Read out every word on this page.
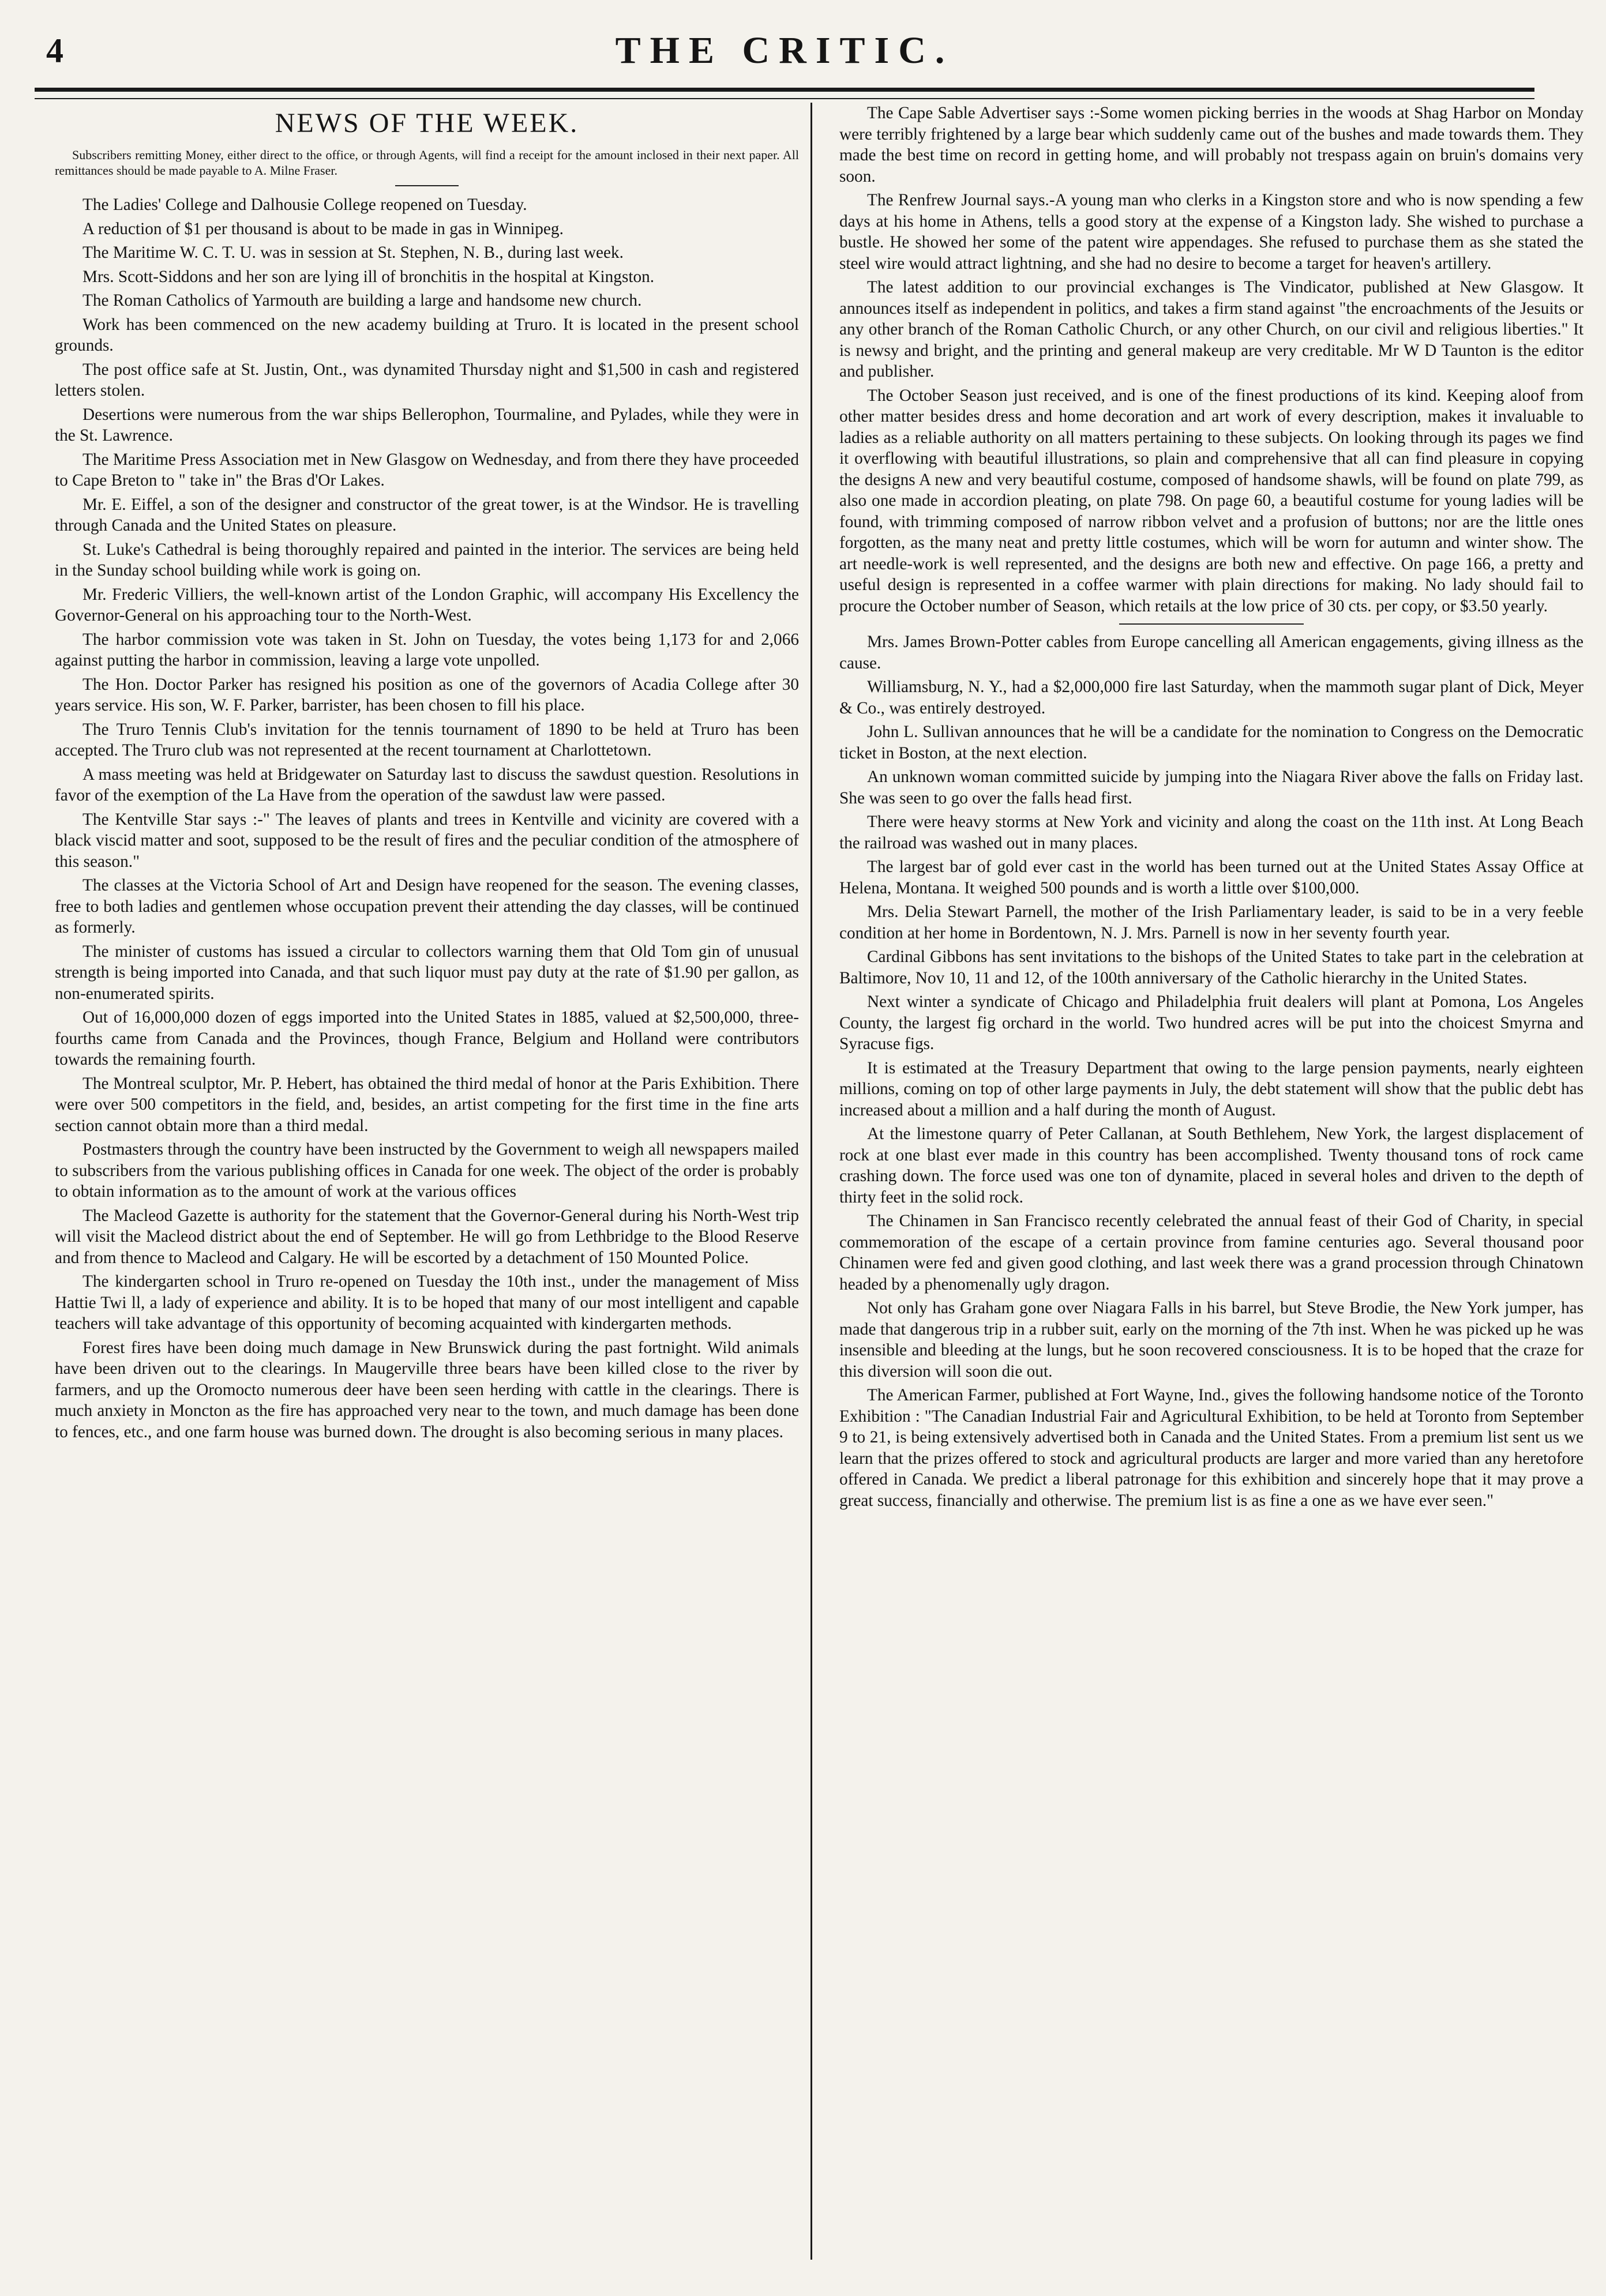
4	THE CRITIC.
NEWS OF THE WEEK.

Subscribers remitting Money, either direct to the office, or through Agents, will find a receipt for the amount inclosed in their next paper. All remittances should be made payable to A. Milne Fraser.

The Ladies' College and Dalhousie College reopened on Tuesday.

A reduction of $1 per thousand is about to be made in gas in Winnipeg.

The Maritime W. C. T. U. was in session at St. Stephen, N. B., during last week.

Mrs. Scott-Siddons and her son are lying ill of bronchitis in the hospital at Kingston.

The Roman Catholics of Yarmouth are building a large and handsome new church.

Work has been commenced on the new academy building at Truro. It is located in the present school grounds.

The post office safe at St. Justin, Ont., was dynamited Thursday night and $1,500 in cash and registered letters stolen.

Desertions were numerous from the war ships Bellerophon, Tourmaline, and Pylades, while they were in the St. Lawrence.

The Maritime Press Association met in New Glasgow on Wednesday, and from there they have proceeded to Cape Breton to " take in" the Bras d'Or Lakes.

Mr. E. Eiffel, a son of the designer and constructor of the great tower, is at the Windsor. He is travelling through Canada and the United States on pleasure.

St. Luke's Cathedral is being thoroughly repaired and painted in the interior. The services are being held in the Sunday school building while work is going on.

Mr. Frederic Villiers, the well-known artist of the London Graphic, will accompany His Excellency the Governor-General on his approaching tour to the North-West.

The harbor commission vote was taken in St. John on Tuesday, the votes being 1,173 for and 2,066 against putting the harbor in commission, leaving a large vote unpolled.

The Hon. Doctor Parker has resigned his position as one of the governors of Acadia College after 30 years service. His son, W. F. Parker, barrister, has been chosen to fill his place.

The Truro Tennis Club's invitation for the tennis tournament of 1890 to be held at Truro has been accepted. The Truro club was not represented at the recent tournament at Charlottetown.

A mass meeting was held at Bridgewater on Saturday last to discuss the sawdust question. Resolutions in favor of the exemption of the La Have from the operation of the sawdust law were passed.

The Kentville Star says :-" The leaves of plants and trees in Kentville and vicinity are covered with a black viscid matter and soot, supposed to be the result of fires and the peculiar condition of the atmosphere of this season."

The classes at the Victoria School of Art and Design have reopened for the season. The evening classes, free to both ladies and gentlemen whose occupation prevent their attending the day classes, will be continued as formerly.

The minister of customs has issued a circular to collectors warning them that Old Tom gin of unusual strength is being imported into Canada, and that such liquor must pay duty at the rate of $1.90 per gallon, as non-enumerated spirits.

Out of 16,000,000 dozen of eggs imported into the United States in 1885, valued at $2,500,000, three-fourths came from Canada and the Provinces, though France, Belgium and Holland were contributors towards the remaining fourth.

The Montreal sculptor, Mr. P. Hebert, has obtained the third medal of honor at the Paris Exhibition. There were over 500 competitors in the field, and, besides, an artist competing for the first time in the fine arts section cannot obtain more than a third medal.

Postmasters through the country have been instructed by the Government to weigh all newspapers mailed to subscribers from the various publishing offices in Canada for one week. The object of the order is probably to obtain information as to the amount of work at the various offices

The Macleod Gazette is authority for the statement that the Governor-General during his North-West trip will visit the Macleod district about the end of September. He will go from Lethbridge to the Blood Reserve and from thence to Macleod and Calgary. He will be escorted by a detachment of 150 Mounted Police.

The kindergarten school in Truro re-opened on Tuesday the 10th inst., under the management of Miss Hattie Twi ll, a lady of experience and ability. It is to be hoped that many of our most intelligent and capable teachers will take advantage of this opportunity of becoming acquainted with kindergarten methods.

Forest fires have been doing much damage in New Brunswick during the past fortnight. Wild animals have been driven out to the clearings. In Maugerville three bears have been killed close to the river by farmers, and up the Oromocto numerous deer have been seen herding with cattle in the clearings. There is much anxiety in Moncton as the fire has approached very near to the town, and much damage has been done to fences, etc., and one farm house was burned down. The drought is also becoming serious in many places.

The Cape Sable Advertiser says :-Some women picking berries in the woods at Shag Harbor on Monday were terribly frightened by a large bear which suddenly came out of the bushes and made towards them. They made the best time on record in getting home, and will probably not trespass again on bruin's domains very soon.

The Renfrew Journal says.-A young man who clerks in a Kingston store and who is now spending a few days at his home in Athens, tells a good story at the expense of a Kingston lady. She wished to purchase a bustle. He showed her some of the patent wire appendages. She refused to purchase them as she stated the steel wire would attract lightning, and she had no desire to become a target for heaven's artillery.

The latest addition to our provincial exchanges is The Vindicator, published at New Glasgow. It announces itself as independent in politics, and takes a firm stand against "the encroachments of the Jesuits or any other branch of the Roman Catholic Church, or any other Church, on our civil and religious liberties." It is newsy and bright, and the printing and general makeup are very creditable. Mr W D Taunton is the editor and publisher.

The October Season just received, and is one of the finest productions of its kind. Keeping aloof from other matter besides dress and home decoration and art work of every description, makes it invaluable to ladies as a reliable authority on all matters pertaining to these subjects. On looking through its pages we find it overflowing with beautiful illustrations, so plain and comprehensive that all can find pleasure in copying the designs A new and very beautiful costume, composed of handsome shawls, will be found on plate 799, as also one made in accordion pleating, on plate 798. On page 60, a beautiful costume for young ladies will be found, with trimming composed of narrow ribbon velvet and a profusion of buttons; nor are the little ones forgotten, as the many neat and pretty little costumes, which will be worn for autumn and winter show. The art needle-work is well represented, and the designs are both new and effective. On page 166, a pretty and useful design is represented in a coffee warmer with plain directions for making. No lady should fail to procure the October number of Season, which retails at the low price of 30 cts. per copy, or $3.50 yearly.

Mrs. James Brown-Potter cables from Europe cancelling all American engagements, giving illness as the cause.

Williamsburg, N. Y., had a $2,000,000 fire last Saturday, when the mammoth sugar plant of Dick, Meyer & Co., was entirely destroyed.

John L. Sullivan announces that he will be a candidate for the nomination to Congress on the Democratic ticket in Boston, at the next election.

An unknown woman committed suicide by jumping into the Niagara River above the falls on Friday last. She was seen to go over the falls head first.

There were heavy storms at New York and vicinity and along the coast on the 11th inst. At Long Beach the railroad was washed out in many places.

The largest bar of gold ever cast in the world has been turned out at the United States Assay Office at Helena, Montana. It weighed 500 pounds and is worth a little over $100,000.

Mrs. Delia Stewart Parnell, the mother of the Irish Parliamentary leader, is said to be in a very feeble condition at her home in Bordentown, N. J. Mrs. Parnell is now in her seventy fourth year.

Cardinal Gibbons has sent invitations to the bishops of the United States to take part in the celebration at Baltimore, Nov 10, 11 and 12, of the 100th anniversary of the Catholic hierarchy in the United States.

Next winter a syndicate of Chicago and Philadelphia fruit dealers will plant at Pomona, Los Angeles County, the largest fig orchard in the world. Two hundred acres will be put into the choicest Smyrna and Syracuse figs.

It is estimated at the Treasury Department that owing to the large pension payments, nearly eighteen millions, coming on top of other large payments in July, the debt statement will show that the public debt has increased about a million and a half during the month of August.

At the limestone quarry of Peter Callanan, at South Bethlehem, New York, the largest displacement of rock at one blast ever made in this country has been accomplished. Twenty thousand tons of rock came crashing down. The force used was one ton of dynamite, placed in several holes and driven to the depth of thirty feet in the solid rock.

The Chinamen in San Francisco recently celebrated the annual feast of their God of Charity, in special commemoration of the escape of a certain province from famine centuries ago. Several thousand poor Chinamen were fed and given good clothing, and last week there was a grand procession through Chinatown headed by a phenomenally ugly dragon.

Not only has Graham gone over Niagara Falls in his barrel, but Steve Brodie, the New York jumper, has made that dangerous trip in a rubber suit, early on the morning of the 7th inst. When he was picked up he was insensible and bleeding at the lungs, but he soon recovered consciousness. It is to be hoped that the craze for this diversion will soon die out.

The American Farmer, published at Fort Wayne, Ind., gives the following handsome notice of the Toronto Exhibition : "The Canadian Industrial Fair and Agricultural Exhibition, to be held at Toronto from September 9 to 21, is being extensively advertised both in Canada and the United States. From a premium list sent us we learn that the prizes offered to stock and agricultural products are larger and more varied than any heretofore offered in Canada. We predict a liberal patronage for this exhibition and sincerely hope that it may prove a great success, financially and otherwise. The premium list is as fine a one as we have ever seen."
